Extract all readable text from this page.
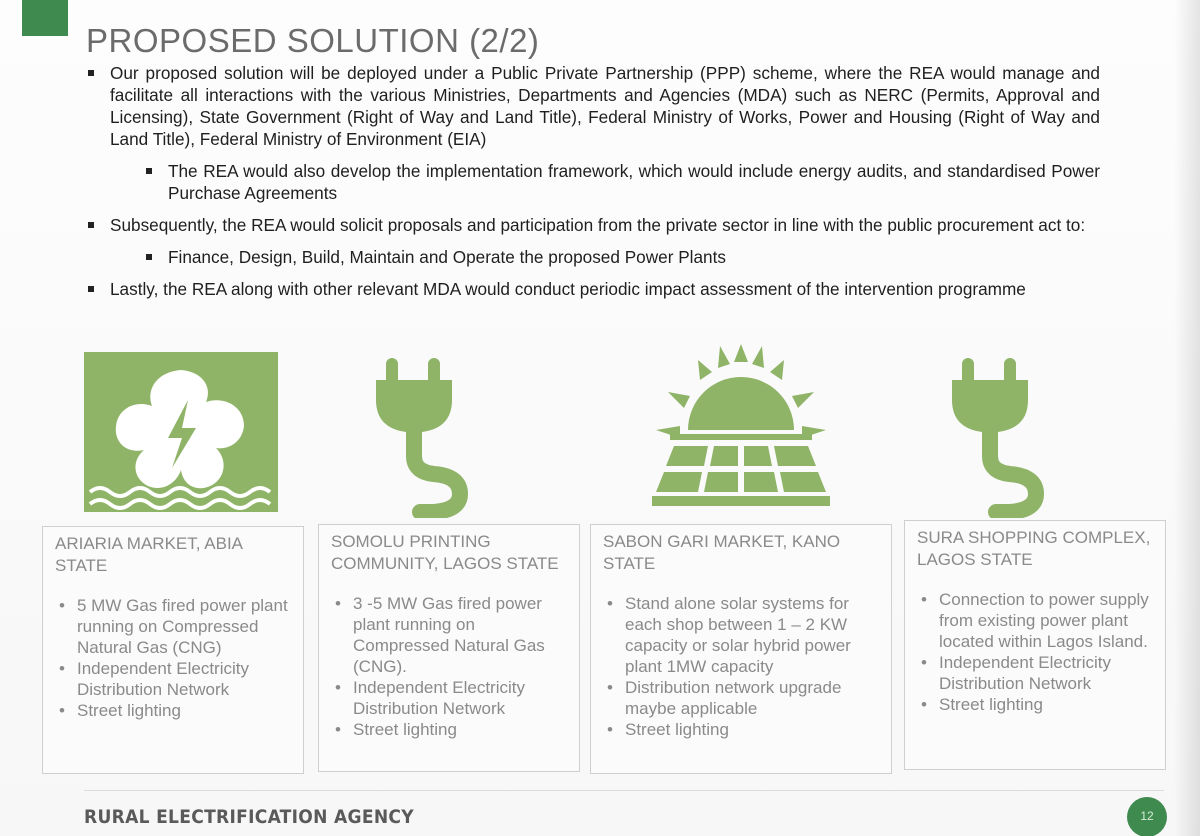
PROPOSED SOLUTION (2/2)

Our proposed solution will be deployed under a Public Private Partnership (PPP) scheme, where the REA would manage and facilitate all interactions with the various Ministries, Departments and Agencies (MDA) such as NERC (Permits, Approval and Licensing), State Government (Right of Way and Land Title), Federal Ministry of Works, Power and Housing (Right of Way and Land Title), Federal Ministry of Environment (EIA)

The REA would also develop the implementation framework, which would include energy audits, and standardised Power Purchase Agreements

Subsequently, the REA would solicit proposals and participation from the private sector in line with the public procurement act to:

Finance, Design, Build, Maintain and Operate the proposed Power Plants

Lastly, the REA along with other relevant MDA would conduct periodic impact assessment of the intervention programme

ARIARIA MARKET, ABIA STATE
• 5 MW Gas fired power plant running on Compressed Natural Gas (CNG)
• Independent Electricity Distribution Network
• Street lighting
SOMOLU PRINTING COMMUNITY, LAGOS STATE
• 3 -5 MW Gas fired power plant running on Compressed Natural Gas (CNG).
• Independent Electricity Distribution Network
• Street lighting
SABON GARI MARKET, KANO STATE
• Stand alone solar systems for each shop between 1 – 2 KW capacity or solar hybrid power plant 1MW capacity
• Distribution network upgrade maybe applicable
• Street lighting
SURA SHOPPING COMPLEX, LAGOS STATE
• Connection to power supply from existing power plant located within Lagos Island.
• Independent Electricity Distribution Network
• Street lighting
RURAL ELECTRIFICATION AGENCY	12
